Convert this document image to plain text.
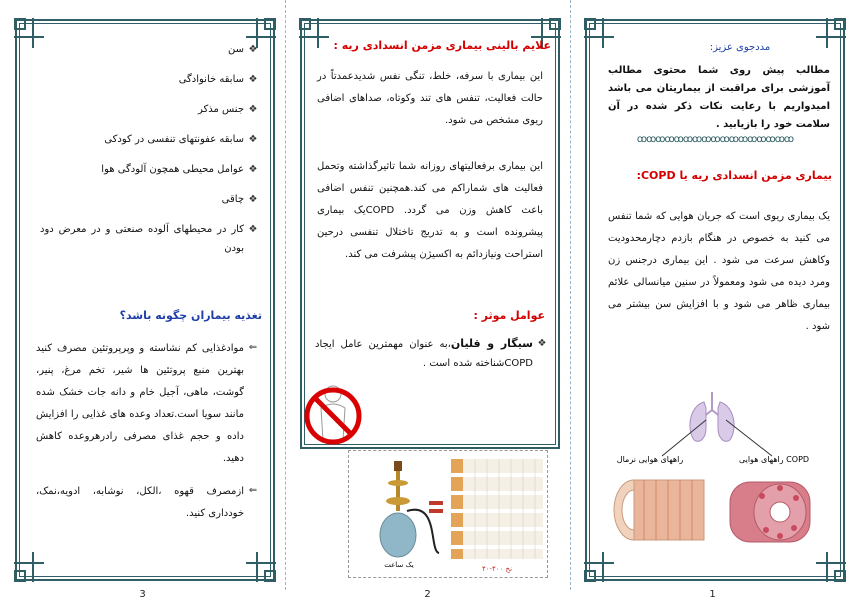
مددجوی عزیز:
مطالب پیش روی شما محتوی مطالب آموزشی برای مراقبت از بیماریتان می باشد امیدواریم با رعایت نکات ذکر شده در آن سلامت خود را بازیابید .
ꝏꝏꝏꝏꝏꝏꝏꝏꝏꝏꝏꝏꝏꝏꝏꝏꝏ
بیماری مزمن انسدادی ریه یا COPD:
یک بیماری ریوی است که جریان هوایی که شما تنفس می کنید به خصوص در هنگام بازدم دچارمحدودیت وکاهش سرعت می شود . این بیماری درجنس زن ومرد دیده می شود ومعمولاً در سنین میانسالی علائم بیماری ظاهر می شود و با افزایش سن بیشتر می شود .
راههای هوایی نرمال	راههای هوایی COPD
1
علایم بالینی بیماری مزمن انسدادی ریه :
این بیماری با سرفه، خلط، تنگی نفس شدیدعمدتاً در حالت فعالیت، تنفس های تند وکوتاه، صداهای اضافی ریوی مشخص می شود.
این بیماری برفعالیتهای روزانه شما تاثیرگذاشته وتحمل فعالیت های شماراکم می کند.همچنین تنفس اضافی باعث کاهش وزن می گردد. COPDیک بیماری پیشرونده است و به تدریج تاختلال تنفسی درحین استراحت ونیازدائم به اکسیژن پیشرفت می کند.
عوامل موثر :
❖
سیگار و قلیان،به عنوان مهمترین عامل ایجاد COPDشناخته شده است .
یک ساعت	۴۰-۴۰۰ نخ
2
❖
سن
❖
سابقه خانوادگی
❖
جنس مذکر
❖
سابقه عفونتهای تنفسی در کودکی
❖
عوامل محیطی همچون آلودگی هوا
❖
چاقی
❖
کار در محیطهای آلوده صنعتی و در معرض دود بودن
تغذیه بیماران چگونه باشد؟
⇐
موادغذایی کم نشاسته و وپرپروتئین مصرف کنید بهترین منبع پروتئین ها شیر، تخم مرغ، پنیر، گوشت، ماهی، آجیل خام و دانه جات خشک شده مانند سویا است.تعداد وعده های غذایی را افزایش داده و حجم غذای مصرفی رادرهروعده کاهش دهید.
⇐
ازمصرف قهوه ،الکل، نوشابه، ادویه،نمک، خودداری کنید.
3
